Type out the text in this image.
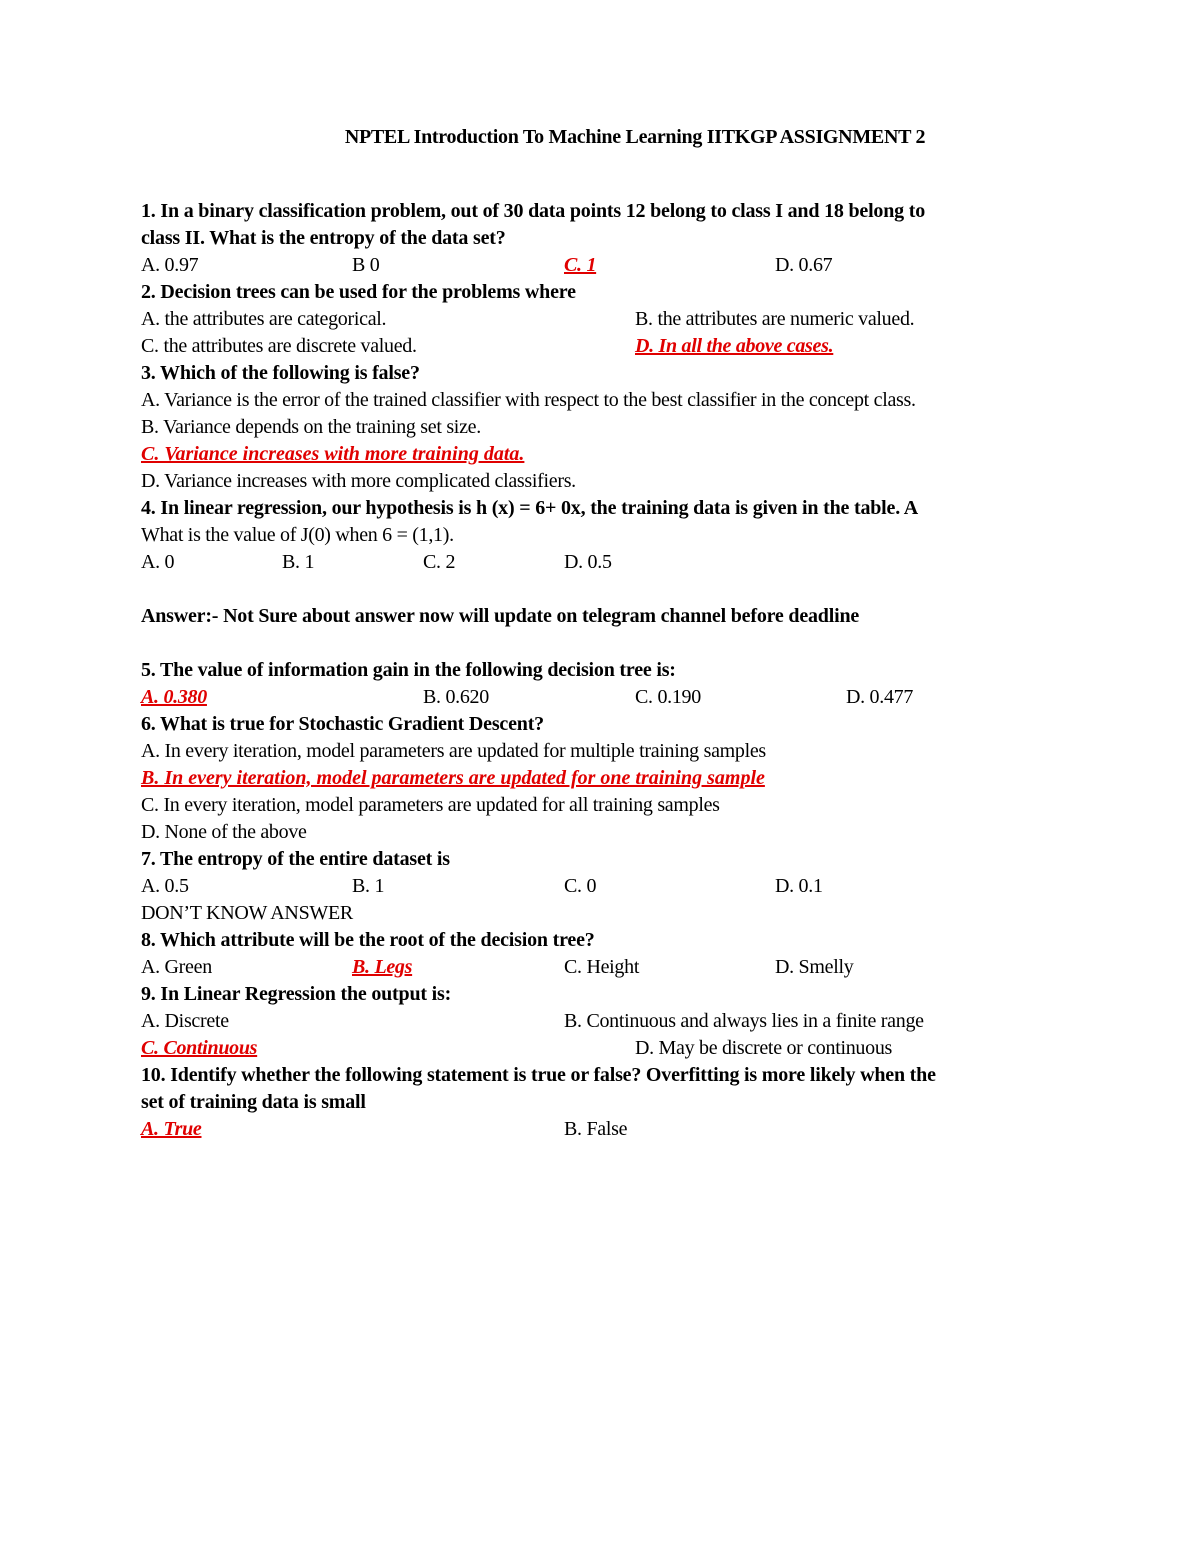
NPTEL Introduction To Machine Learning IITKGP ASSIGNMENT 2
1. In a binary classification problem, out of 30 data points 12 belong to class I and 18 belong to
class II. What is the entropy of the data set?
A. 0.97	B 0	C. 1	D. 0.67
2. Decision trees can be used for the problems where
A. the attributes are categorical.	B. the attributes are numeric valued.
C. the attributes are discrete valued.	D. In all the above cases.
3. Which of the following is false?
A. Variance is the error of the trained classifier with respect to the best classifier in the concept class.
B. Variance depends on the training set size.
C. Variance increases with more training data.
D. Variance increases with more complicated classifiers.
4. In linear regression, our hypothesis is h (x) = 6+ 0x, the training data is given in the table. A
What is the value of J(0) when 6 = (1,1).
A. 0	B. 1	C. 2	D. 0.5
Answer:- Not Sure about answer now will update on telegram channel before deadline
5. The value of information gain in the following decision tree is:
A. 0.380	B. 0.620	C. 0.190	D. 0.477
6. What is true for Stochastic Gradient Descent?
A. In every iteration, model parameters are updated for multiple training samples
B. In every iteration, model parameters are updated for one training sample
C. In every iteration, model parameters are updated for all training samples
D. None of the above
7. The entropy of the entire dataset is
A. 0.5	B. 1	C. 0	D. 0.1
DON’T KNOW ANSWER
8. Which attribute will be the root of the decision tree?
A. Green	B. Legs	C. Height	D. Smelly
9. In Linear Regression the output is:
A. Discrete	B. Continuous and always lies in a finite range
C. Continuous	D. May be discrete or continuous
10. Identify whether the following statement is true or false? Overfitting is more likely when the
set of training data is small
A. True	B. False
